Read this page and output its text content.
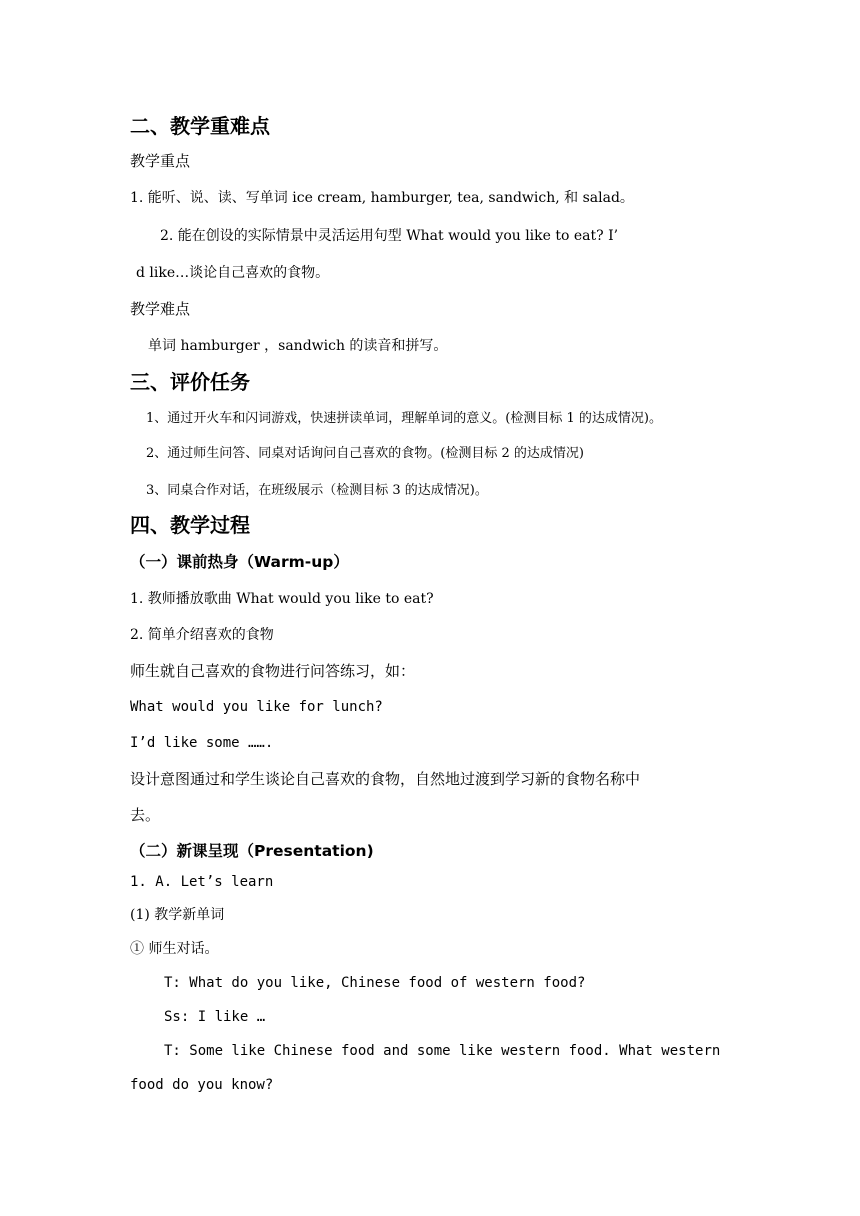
二、教学重难点
教学重点
1. 能听、说、读、写单词 ice cream, hamburger, tea, sandwich, 和 salad。
2. 能在创设的实际情景中灵活运用句型 What would you like to eat? I’
d like…谈论自己喜欢的食物。
教学难点
单词 hamburger ，sandwich 的读音和拼写。
三、评价任务
1、通过开火车和闪词游戏，快速拼读单词，理解单词的意义。(检测目标 1 的达成情况)。
2、通过师生问答、同桌对话询问自己喜欢的食物。(检测目标 2 的达成情况)
3、同桌合作对话，在班级展示（检测目标 3 的达成情况)。
四、教学过程
（一）课前热身（Warm-up）
1. 教师播放歌曲 What would you like to eat?
2. 简单介绍喜欢的食物
师生就自己喜欢的食物进行问答练习，如：
What would you like for lunch?
I’d like some …….
设计意图通过和学生谈论自己喜欢的食物，自然地过渡到学习新的食物名称中
去。
（二）新课呈现（Presentation)
1. A. Let’s learn
(1) 教学新单词
① 师生对话。
T: What do you like, Chinese food of western food?
Ss: I like …
T: Some like Chinese food and some like western food. What western
food do you know?
